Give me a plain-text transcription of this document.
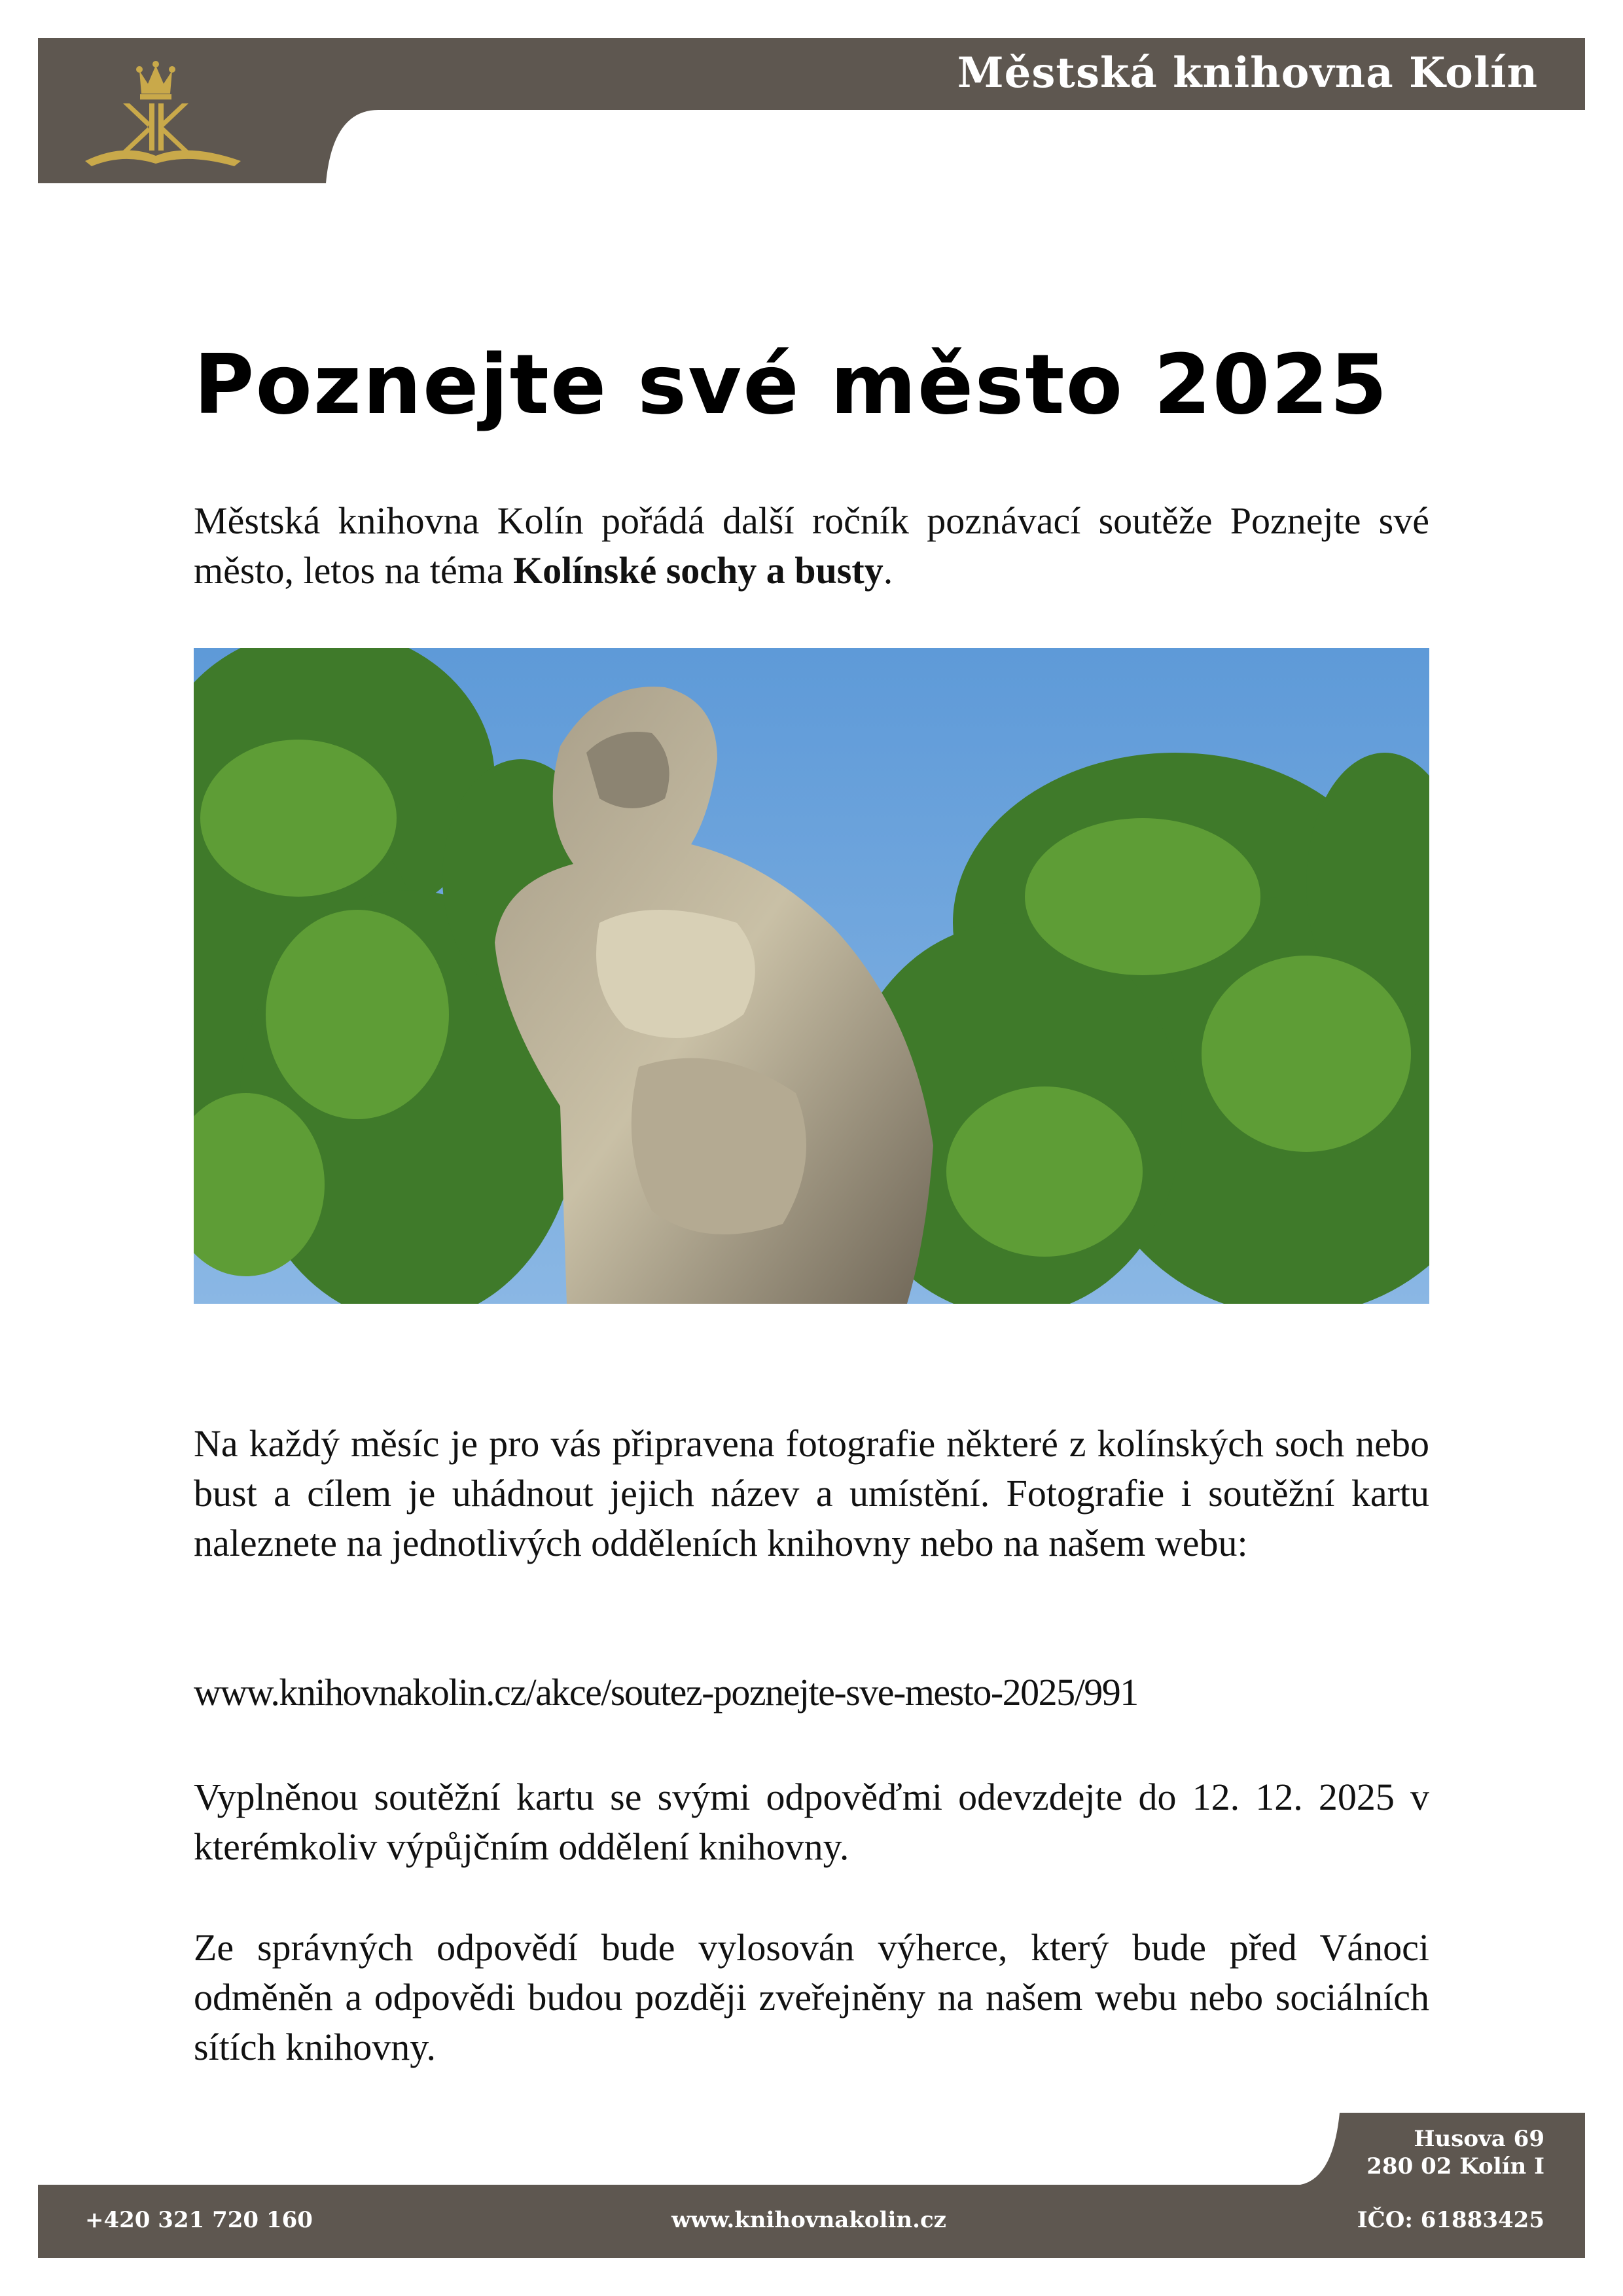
Městská knihovna Kolín
Poznejte své město 2025

Městská knihovna Kolín pořádá další ročník poznávací soutěže Poznejte své město, letos na téma Kolínské sochy a busty.

Na každý měsíc je pro vás připravena fotografie některé z kolínských soch nebo bust a cílem je uhádnout jejich název a umístění. Fotografie i soutěžní kartu naleznete na jednotlivých odděleních knihovny nebo na našem webu:

www.knihovnakolin.cz/akce/soutez-poznejte-sve-mesto-2025/991

Vyplněnou soutěžní kartu se svými odpověďmi odevzdejte do 12. 12. 2025 v kterémkoliv výpůjčním oddělení knihovny.

Ze správných odpovědí bude vylosován výherce, který bude před Vánoci odměněn a odpovědi budou později zveřejněny na našem webu nebo sociálních sítích knihovny.

Husova 69
280 02 Kolín I
+420 321 720 160	www.knihovnakolin.cz	IČO: 61883425
